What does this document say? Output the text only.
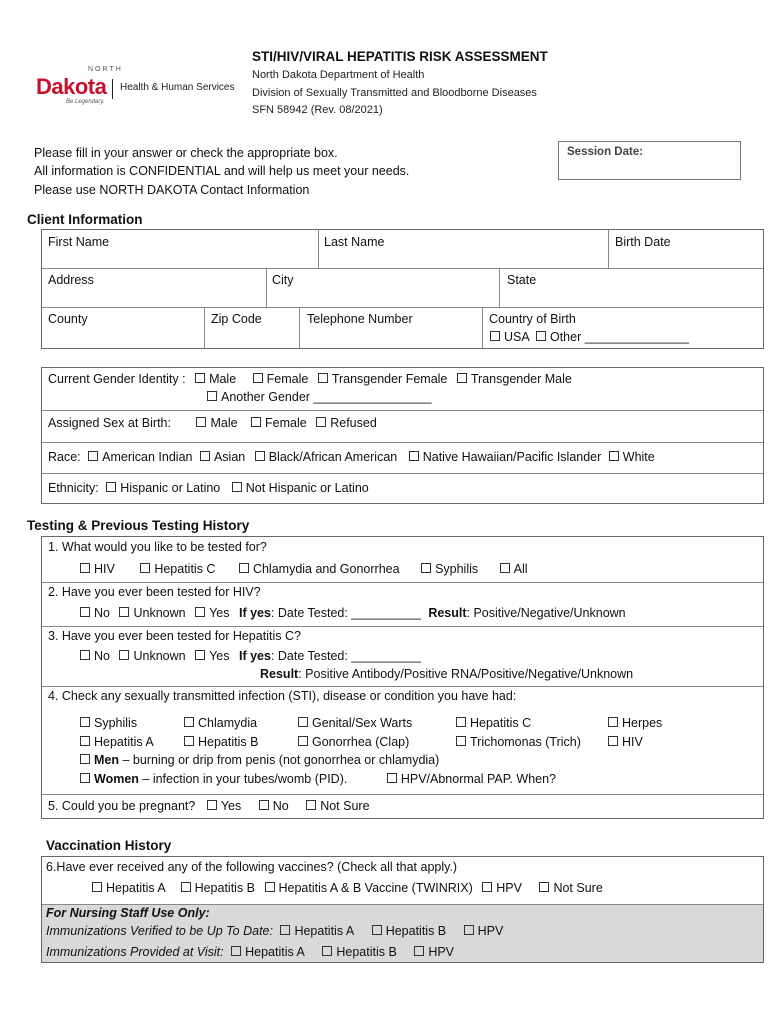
NORTH
Dakota Health & Human Services
Be Legendary.
STI/HIV/VIRAL HEPATITIS RISK ASSESSMENT
North Dakota Department of Health
Division of Sexually Transmitted and Bloodborne Diseases
SFN 58942 (Rev. 08/2021)
Please fill in your answer or check the appropriate box.
All information is CONFIDENTIAL and will help us meet your needs.
Please use NORTH DAKOTA Contact Information
Session Date:
Client Information
First Name	Last Name	Birth Date
Address	City	State
County	Zip Code	Telephone Number	Country of Birth
USA Other _______________
Current Gender Identity : Male Female Transgender Female Transgender Male
Another Gender _________________
Assigned Sex at Birth:	Male Female Refused
Race: American Indian Asian Black/African American Native Hawaiian/Pacific Islander White
Ethnicity: Hispanic or Latino Not Hispanic or Latino
Testing & Previous Testing History
1. What would you like to be tested for?
HIV	Hepatitis C	Chlamydia and Gonorrhea	Syphilis	All
2. Have you ever been tested for HIV?
No Unknown Yes If yes: Date Tested: __________ Result: Positive/Negative/Unknown
3. Have you ever been tested for Hepatitis C?
No Unknown Yes If yes: Date Tested: __________
Result: Positive Antibody/Positive RNA/Positive/Negative/Unknown
4. Check any sexually transmitted infection (STI), disease or condition you have had:
Syphilis	Chlamydia	Genital/Sex Warts	Hepatitis C	Herpes
Hepatitis A	Hepatitis B	Gonorrhea (Clap)	Trichomonas (Trich)	HIV
Men – burning or drip from penis (not gonorrhea or chlamydia)
Women – infection in your tubes/womb (PID).	HPV/Abnormal PAP. When?
5. Could you be pregnant? Yes	No	Not Sure
Vaccination History
6.Have ever received any of the following vaccines? (Check all that apply.)
Hepatitis A Hepatitis B Hepatitis A & B Vaccine (TWINRIX) HPV	Not Sure
For Nursing Staff Use Only:
Immunizations Verified to be Up To Date: Hepatitis A	Hepatitis B	HPV
Immunizations Provided at Visit: Hepatitis A	Hepatitis B	HPV
